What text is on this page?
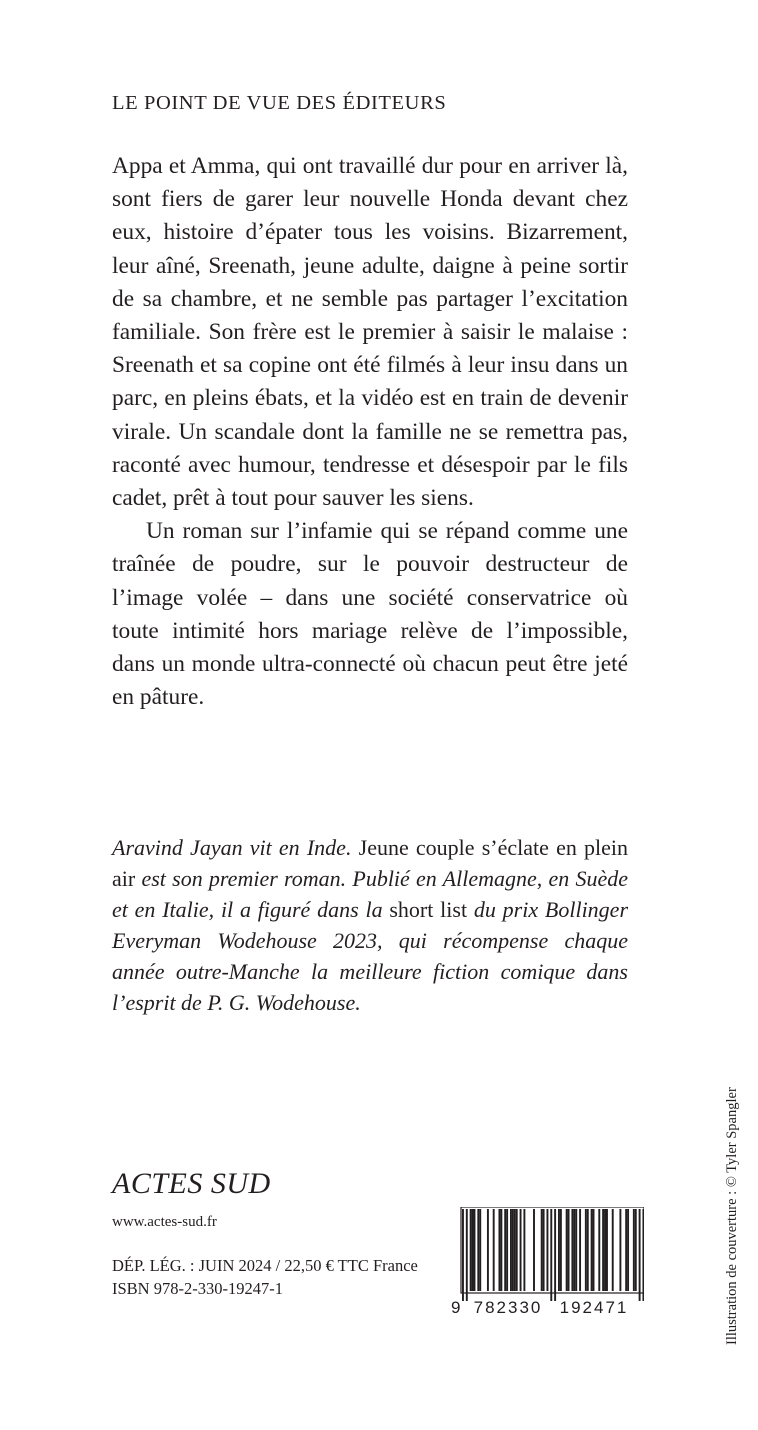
LE POINT DE VUE DES ÉDITEURS

Appa et Amma, qui ont travaillé dur pour en arriver là, sont fiers de garer leur nouvelle Honda devant chez eux, histoire d’épater tous les voisins. Bizarrement, leur aîné, Sreenath, jeune adulte, daigne à peine sortir de sa chambre, et ne semble pas partager l’excitation familiale. Son frère est le premier à saisir le malaise : Sreenath et sa copine ont été filmés à leur insu dans un parc, en pleins ébats, et la vidéo est en train de devenir virale. Un scandale dont la famille ne se remettra pas, raconté avec humour, tendresse et désespoir par le fils cadet, prêt à tout pour sauver les siens.

Un roman sur l’infamie qui se répand comme une traînée de poudre, sur le pouvoir destructeur de l’image volée – dans une société conservatrice où toute intimité hors mariage relève de l’impossible, dans un monde ultra-connecté où chacun peut être jeté en pâture.

Aravind Jayan vit en Inde. Jeune couple s’éclate en plein air est son premier roman. Publié en Allemagne, en Suède et en Italie, il a figuré dans la short list du prix Bollinger Everyman Wodehouse 2023, qui récompense chaque année outre-Manche la meilleure fiction comique dans l’esprit de P. G. Wodehouse.

ACTES SUD

www.actes-sud.fr

DÉP. LÉG. : JUIN 2024 / 22,50 € TTC France
ISBN 978-2-330-19247-1

9 782330 192471	Illustration de couverture : © Tyler Spangler
